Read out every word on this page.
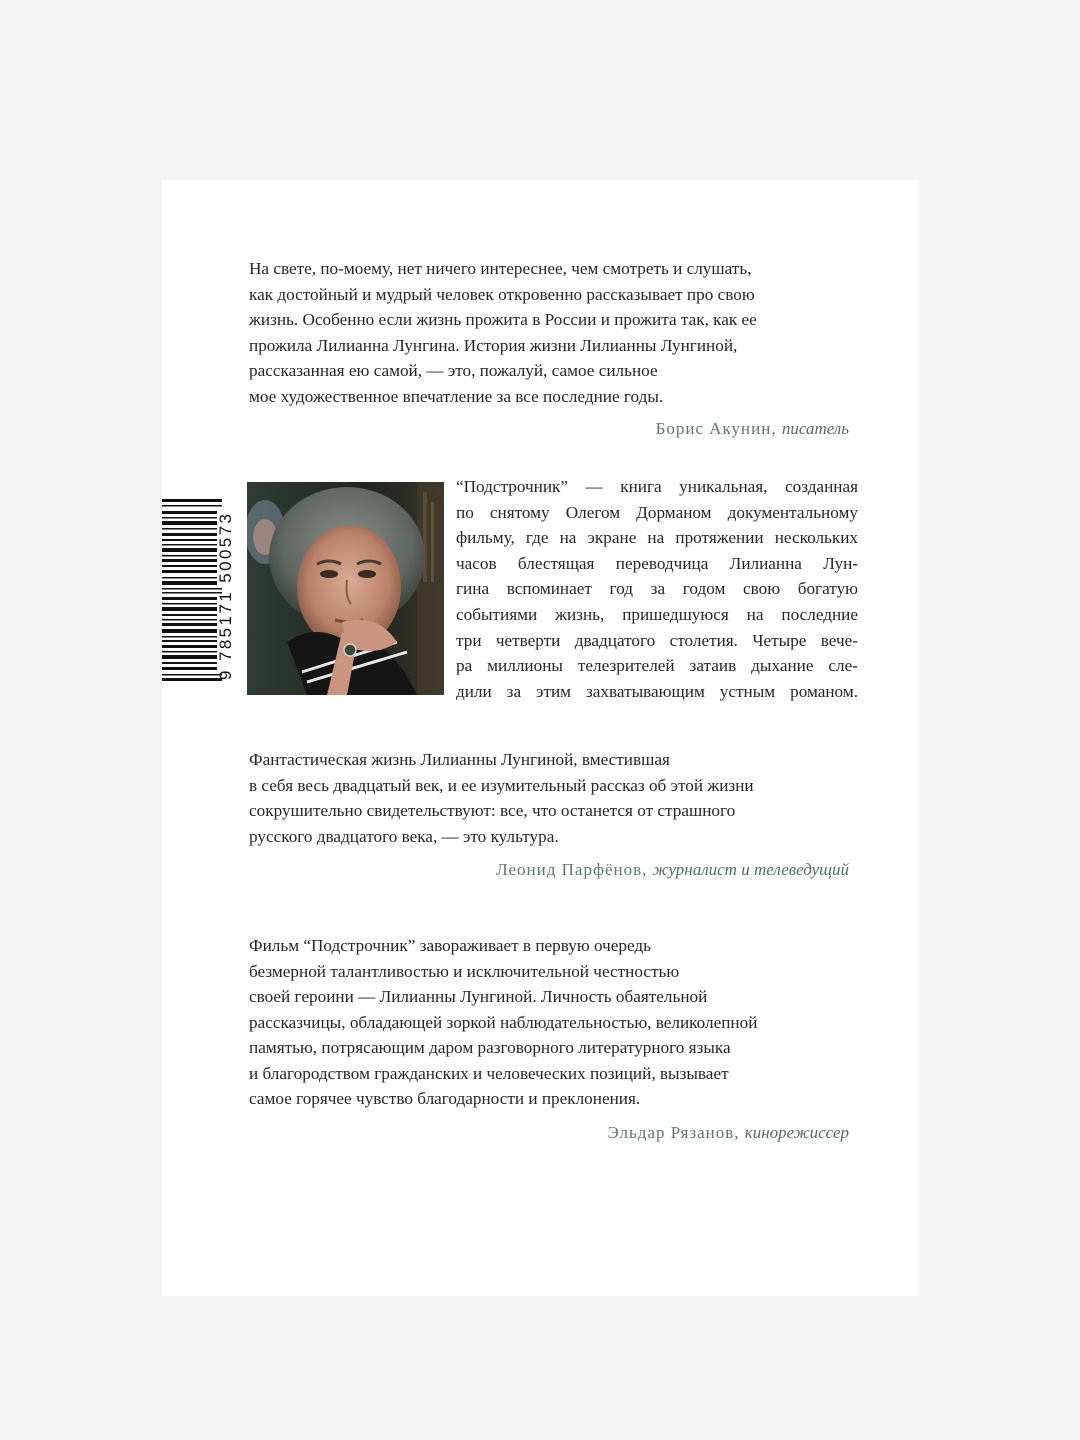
На свете, по-моему, нет ничего интереснее, чем смотреть и слушать,
как достойный и мудрый человек откровенно рассказывает про свою
жизнь. Особенно если жизнь прожита в России и прожита так, как ее
прожила Лилианна Лунгина. История жизни Лилианны Лунгиной,
рассказанная ею самой, — это, пожалуй, самое сильное
мое художественное впечатление за все последние годы.

Борис Акунин, писатель
9 785171 500573

“Подстрочник” — книга уникальная, созданная
по снятому Олегом Дорманом документальному
фильму, где на экране на протяжении нескольких
часов блестящая переводчица Лилианна Лун-
гина вспоминает год за годом свою богатую
событиями жизнь, пришедшуюся на последние
три четверти двадцатого столетия. Четыре вече-
ра миллионы телезрителей затаив дыхание сле-
дили за этим захватывающим устным романом.

Фантастическая жизнь Лилианны Лунгиной, вместившая
в себя весь двадцатый век, и ее изумительный рассказ об этой жизни
сокрушительно свидетельствуют: все, что останется от страшного
русского двадцатого века, — это культура.

Леонид Парфёнов, журналист и телеведущий

Фильм “Подстрочник” завораживает в первую очередь
безмерной талантливостью и исключительной честностью
своей героини — Лилианны Лунгиной. Личность обаятельной
рассказчицы, обладающей зоркой наблюдательностью, великолепной
памятью, потрясающим даром разговорного литературного языка
и благородством гражданских и человеческих позиций, вызывает
самое горячее чувство благодарности и преклонения.

Эльдар Рязанов, кинорежиссер
